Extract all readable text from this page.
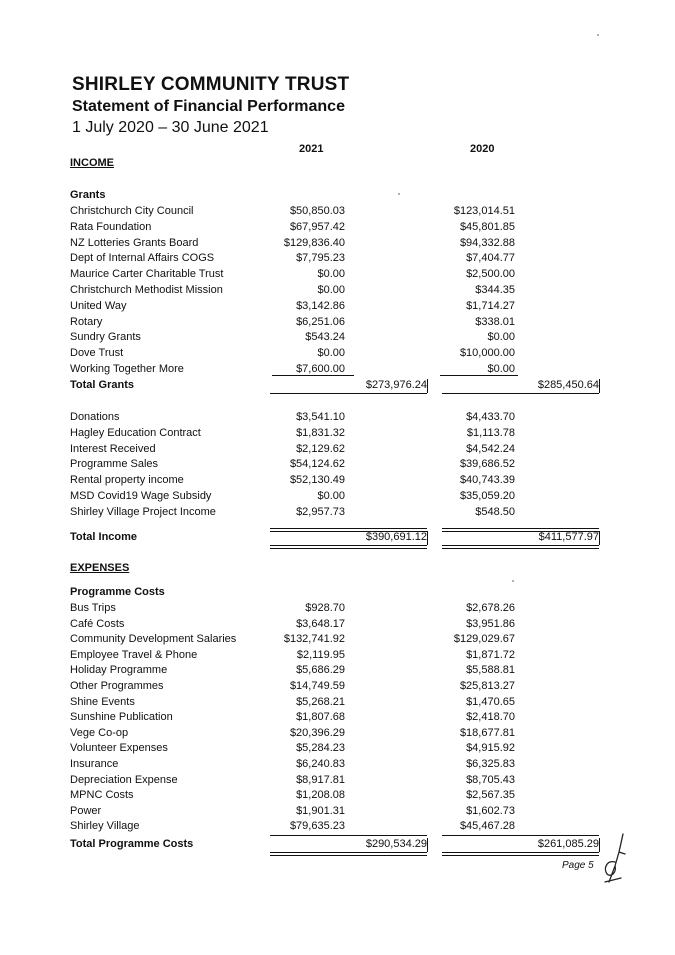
SHIRLEY COMMUNITY TRUST
Statement of Financial Performance
1 July 2020 – 30 June 2021
2021	2020
INCOME
Grants
Christchurch City Council	$50,850.03	$123,014.51
Rata Foundation	$67,957.42	$45,801.85
NZ Lotteries Grants Board	$129,836.40	$94,332.88
Dept of Internal Affairs COGS	$7,795.23	$7,404.77
Maurice Carter Charitable Trust	$0.00	$2,500.00
Christchurch Methodist Mission	$0.00	$344.35
United Way	$3,142.86	$1,714.27
Rotary	$6,251.06	$338.01
Sundry Grants	$543.24	$0.00
Dove Trust	$0.00	$10,000.00
Working Together More	$7,600.00	$0.00
Total Grants	$273,976.24	$285,450.64
Donations	$3,541.10	$4,433.70
Hagley Education Contract	$1,831.32	$1,113.78
Interest Received	$2,129.62	$4,542.24
Programme Sales	$54,124.62	$39,686.52
Rental property income	$52,130.49	$40,743.39
MSD Covid19 Wage Subsidy	$0.00	$35,059.20
Shirley Village Project Income	$2,957.73	$548.50
Total Income	$390,691.12	$411,577.97
EXPENSES
Programme Costs
Bus Trips	$928.70	$2,678.26
Café Costs	$3,648.17	$3,951.86
Community Development Salaries	$132,741.92	$129,029.67
Employee Travel & Phone	$2,119.95	$1,871.72
Holiday Programme	$5,686.29	$5,588.81
Other Programmes	$14,749.59	$25,813.27
Shine Events	$5,268.21	$1,470.65
Sunshine Publication	$1,807.68	$2,418.70
Vege Co-op	$20,396.29	$18,677.81
Volunteer Expenses	$5,284.23	$4,915.92
Insurance	$6,240.83	$6,325.83
Depreciation Expense	$8,917.81	$8,705.43
MPNC Costs	$1,208.08	$2,567.35
Power	$1,901.31	$1,602.73
Shirley Village	$79,635.23	$45,467.28
Total Programme Costs	$290,534.29	$261,085.29
Page 5
